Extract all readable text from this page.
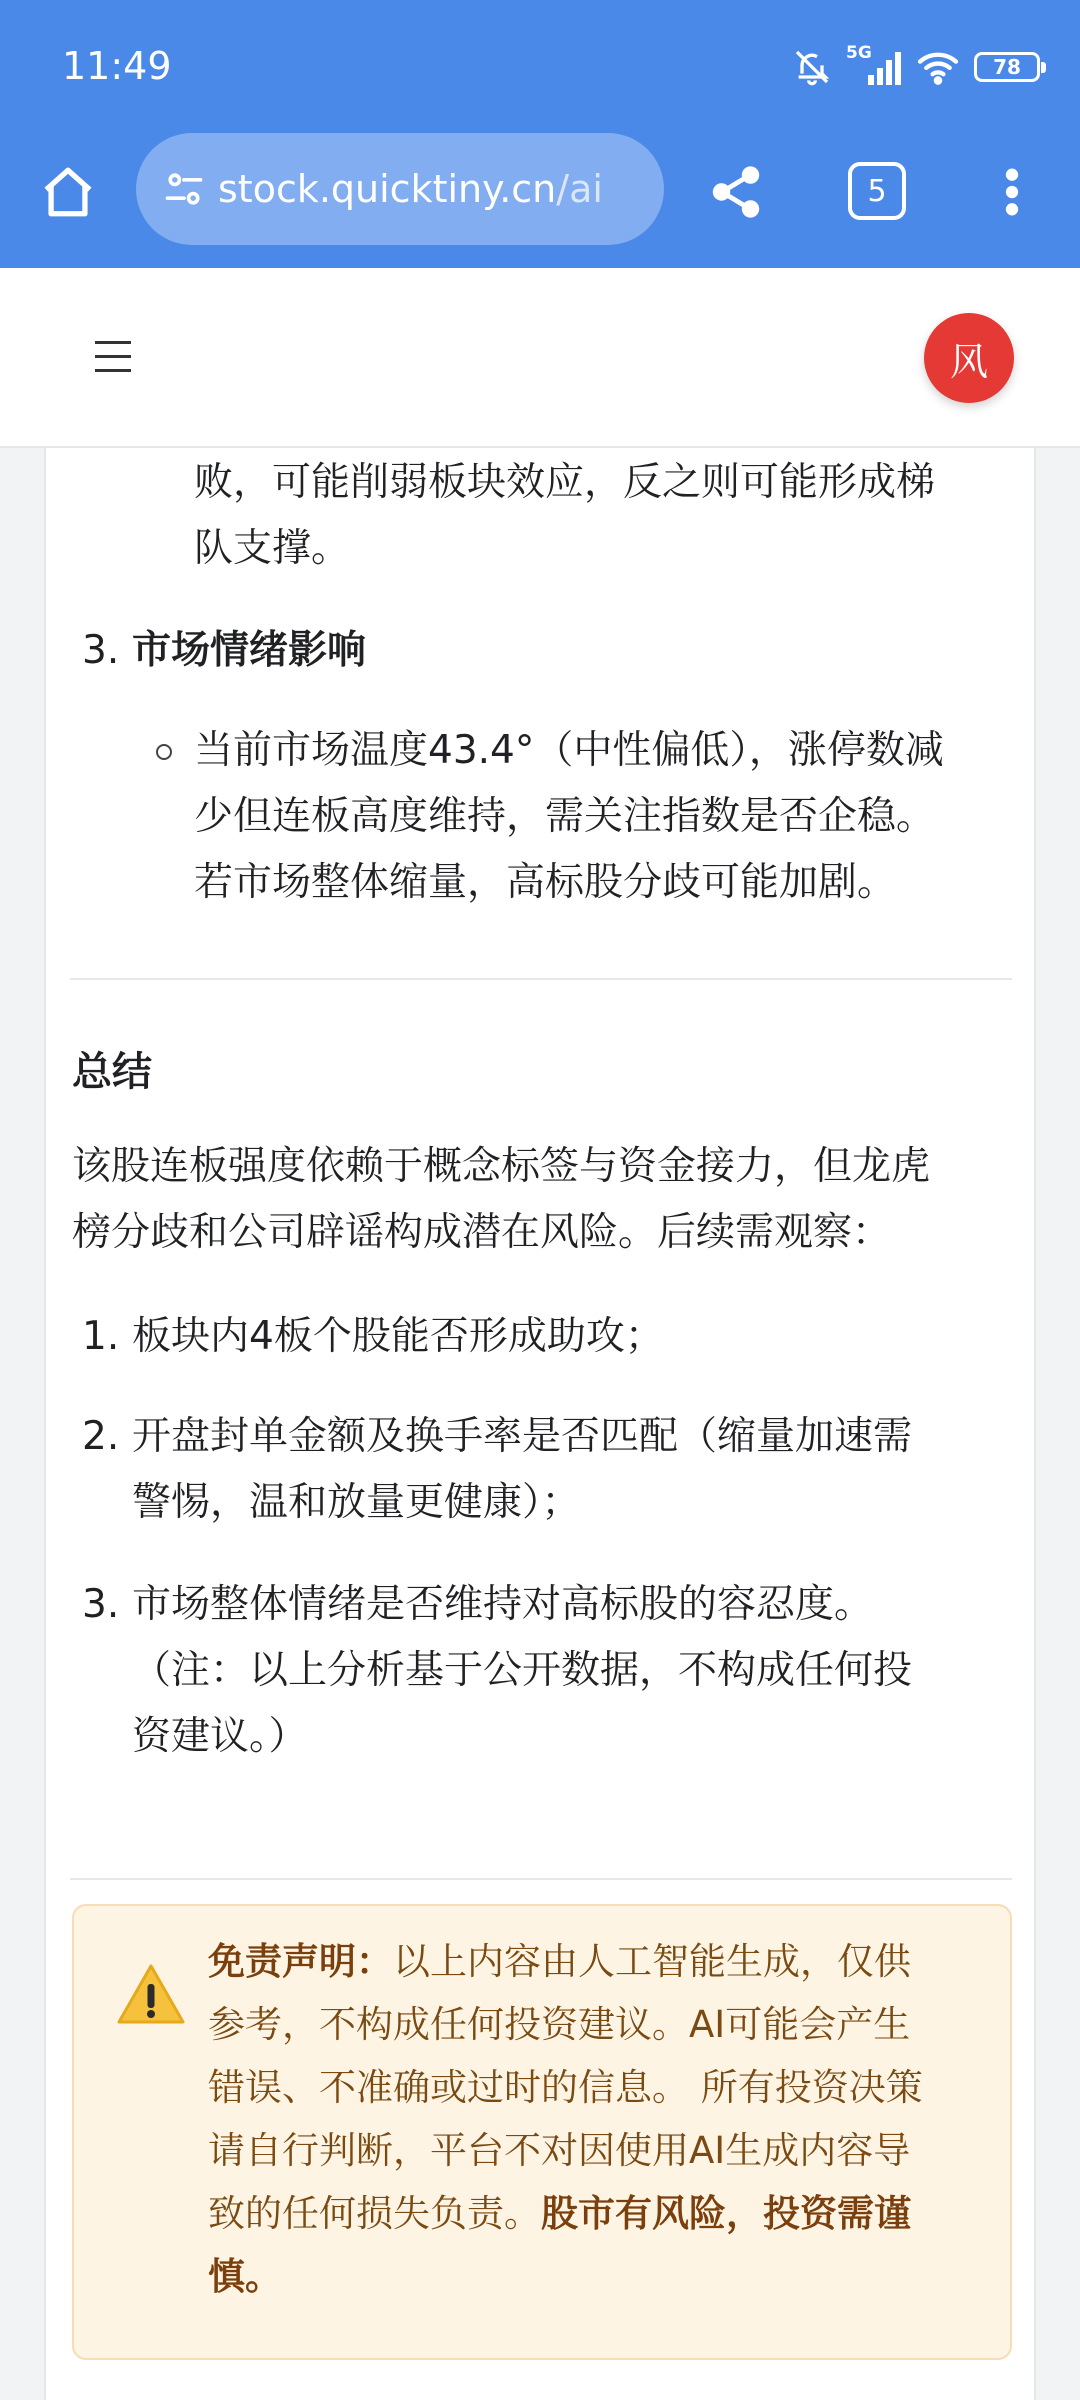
11:49	5G
78
stock.quicktiny.cn/ai	5
风
败，可能削弱板块效应，反之则可能形成梯
队支撑。
3. 市场情绪影响
当前市场温度43.4°（中性偏低），涨停数减
少但连板高度维持，需关注指数是否企稳。
若市场整体缩量，高标股分歧可能加剧。
总结
该股连板强度依赖于概念标签与资金接力，但龙虎
榜分歧和公司辟谣构成潜在风险。后续需观察：
1. 板块内4板个股能否形成助攻；
2. 开盘封单金额及换手率是否匹配（缩量加速需
警惕，温和放量更健康）；
3. 市场整体情绪是否维持对高标股的容忍度。
（注：以上分析基于公开数据，不构成任何投
资建议。）
免责声明：以上内容由人工智能生成，仅供
参考，不构成任何投资建议。AI可能会产生
错误、不准确或过时的信息。 所有投资决策
请自行判断，平台不对因使用AI生成内容导
致的任何损失负责。股市有风险，投资需谨
慎。
